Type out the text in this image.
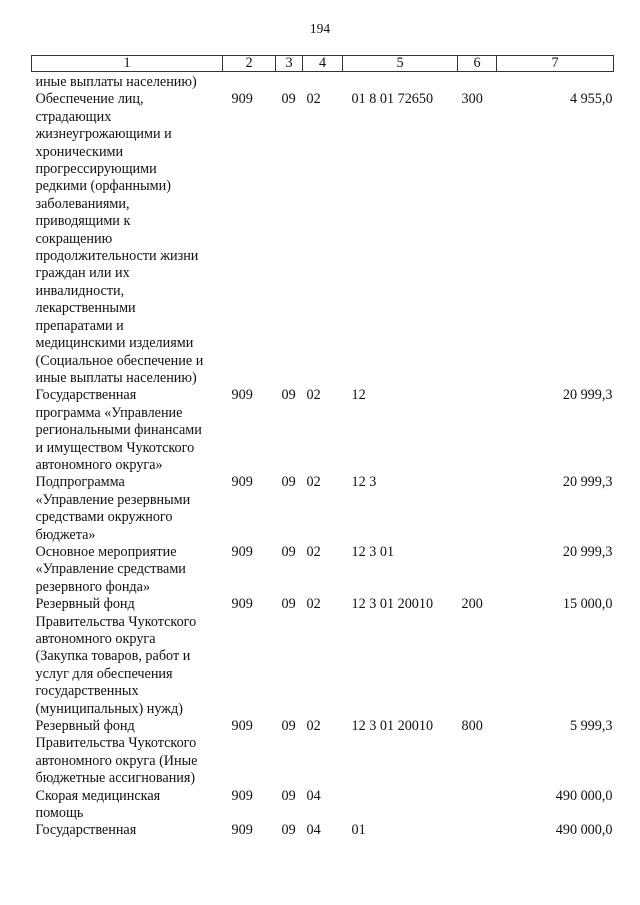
194
1	2	3	4	5	6	7
иные выплаты населению)						

Обеспечение лиц,
страдающих
жизнеугрожающими и
хроническими
прогрессирующими
редкими (орфанными)
заболеваниями,
приводящими к
сокращению
продолжительности жизни
граждан или их
инвалидности,
лекарственными
препаратами и
медицинскими изделиями
(Социальное обеспечение и
иные выплаты населению)
	909	09	02	01 8 01 72650	300	4 955,0

Государственная
программа «Управление
региональными финансами
и имуществом Чукотского
автономного округа»	909	09	02	12		20 999,3

Подпрограмма
«Управление резервными
средствами окружного
бюджета»	909	09	02	12 3		20 999,3

Основное мероприятие
«Управление средствами
резервного фонда»	909	09	02	12 3 01		20 999,3

Резервный фонд
Правительства Чукотского
автономного округа
(Закупка товаров, работ и
услуг для обеспечения
государственных
(муниципальных) нужд)
	909	09	02	12 3 01 20010	200	15 000,0

Резервный фонд
Правительства Чукотского
автономного округа (Иные
бюджетные ассигнования)	909	09	02	12 3 01 20010	800	5 999,3

Скорая медицинская
помощь	909	09	04			490 000,0

Государственная	909	09	04	01		490 000,0
